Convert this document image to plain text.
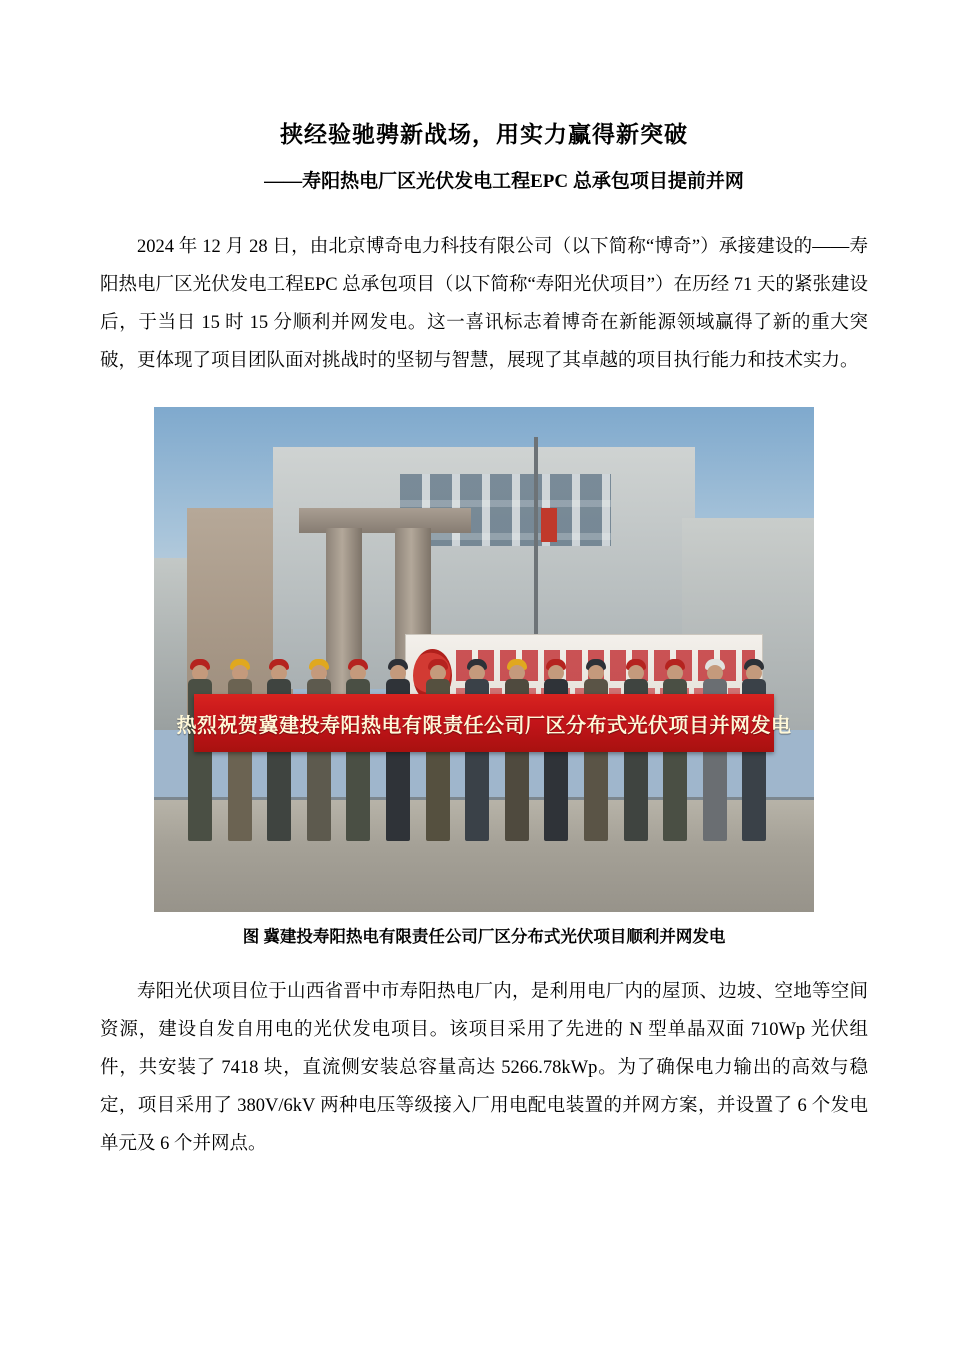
挟经验驰骋新战场，用实力赢得新突破
——寿阳热电厂区光伏发电工程EPC 总承包项目提前并网

2024 年 12 月 28 日，由北京博奇电力科技有限公司（以下简称“博奇”）承接建设的——寿阳热电厂区光伏发电工程EPC 总承包项目（以下简称“寿阳光伏项目”）在历经 71 天的紧张建设后，于当日 15 时 15 分顺利并网发电。这一喜讯标志着博奇在新能源领域赢得了新的重大突破，更体现了项目团队面对挑战时的坚韧与智慧，展现了其卓越的项目执行能力和技术实力。

热烈祝贺冀建投寿阳热电有限责任公司厂区分布式光伏项目并网发电
图 冀建投寿阳热电有限责任公司厂区分布式光伏项目顺利并网发电

寿阳光伏项目位于山西省晋中市寿阳热电厂内，是利用电厂内的屋顶、边坡、空地等空间资源，建设自发自用电的光伏发电项目。该项目采用了先进的 N 型单晶双面 710Wp 光伏组件，共安装了 7418 块，直流侧安装总容量高达 5266.78kWp。为了确保电力输出的高效与稳定，项目采用了 380V/6kV 两种电压等级接入厂用电配电装置的并网方案，并设置了 6 个发电单元及 6 个并网点。
